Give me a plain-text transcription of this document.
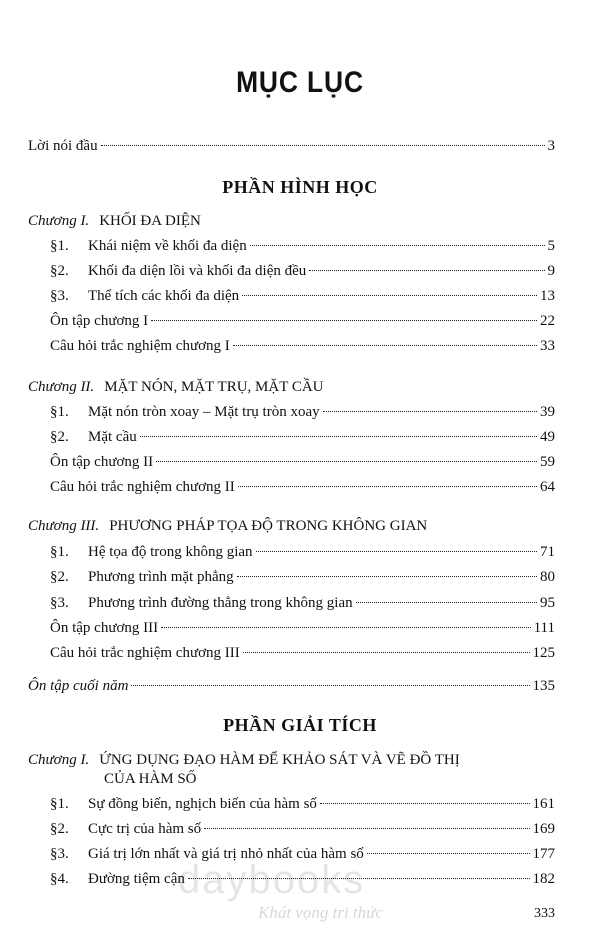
MỤC LỤC
Lời nói đầu	3
PHẦN HÌNH HỌC
Chương I. KHỐI ĐA DIỆN
§1. Khái niệm về khối đa diện	5
§2. Khối đa diện lồi và khối đa diện đều	9
§3. Thể tích các khối đa diện	13
Ôn tập chương I	22
Câu hỏi trắc nghiệm chương I	33
Chương II. MẶT NÓN, MẶT TRỤ, MẶT CẦU
§1. Mặt nón tròn xoay – Mặt trụ tròn xoay	39
§2. Mặt cầu	49
Ôn tập chương II	59
Câu hỏi trắc nghiệm chương II	64
Chương III. PHƯƠNG PHÁP TỌA ĐỘ TRONG KHÔNG GIAN
§1. Hệ tọa độ trong không gian	71
§2. Phương trình mặt phẳng	80
§3. Phương trình đường thẳng trong không gian	95
Ôn tập chương III	111
Câu hỏi trắc nghiệm chương III	125
Ôn tập cuối năm	135
PHẦN GIẢI TÍCH
Chương I. ỨNG DỤNG ĐẠO HÀM ĐỂ KHẢO SÁT VÀ VẼ ĐỒ THỊ
CỦA HÀM SỐ
§1. Sự đồng biến, nghịch biến của hàm số	161
§2. Cực trị của hàm số	169
§3. Giá trị lớn nhất và giá trị nhỏ nhất của hàm số	177
§4. Đường tiệm cận	182
daybooks
Khát vọng tri thức	333
